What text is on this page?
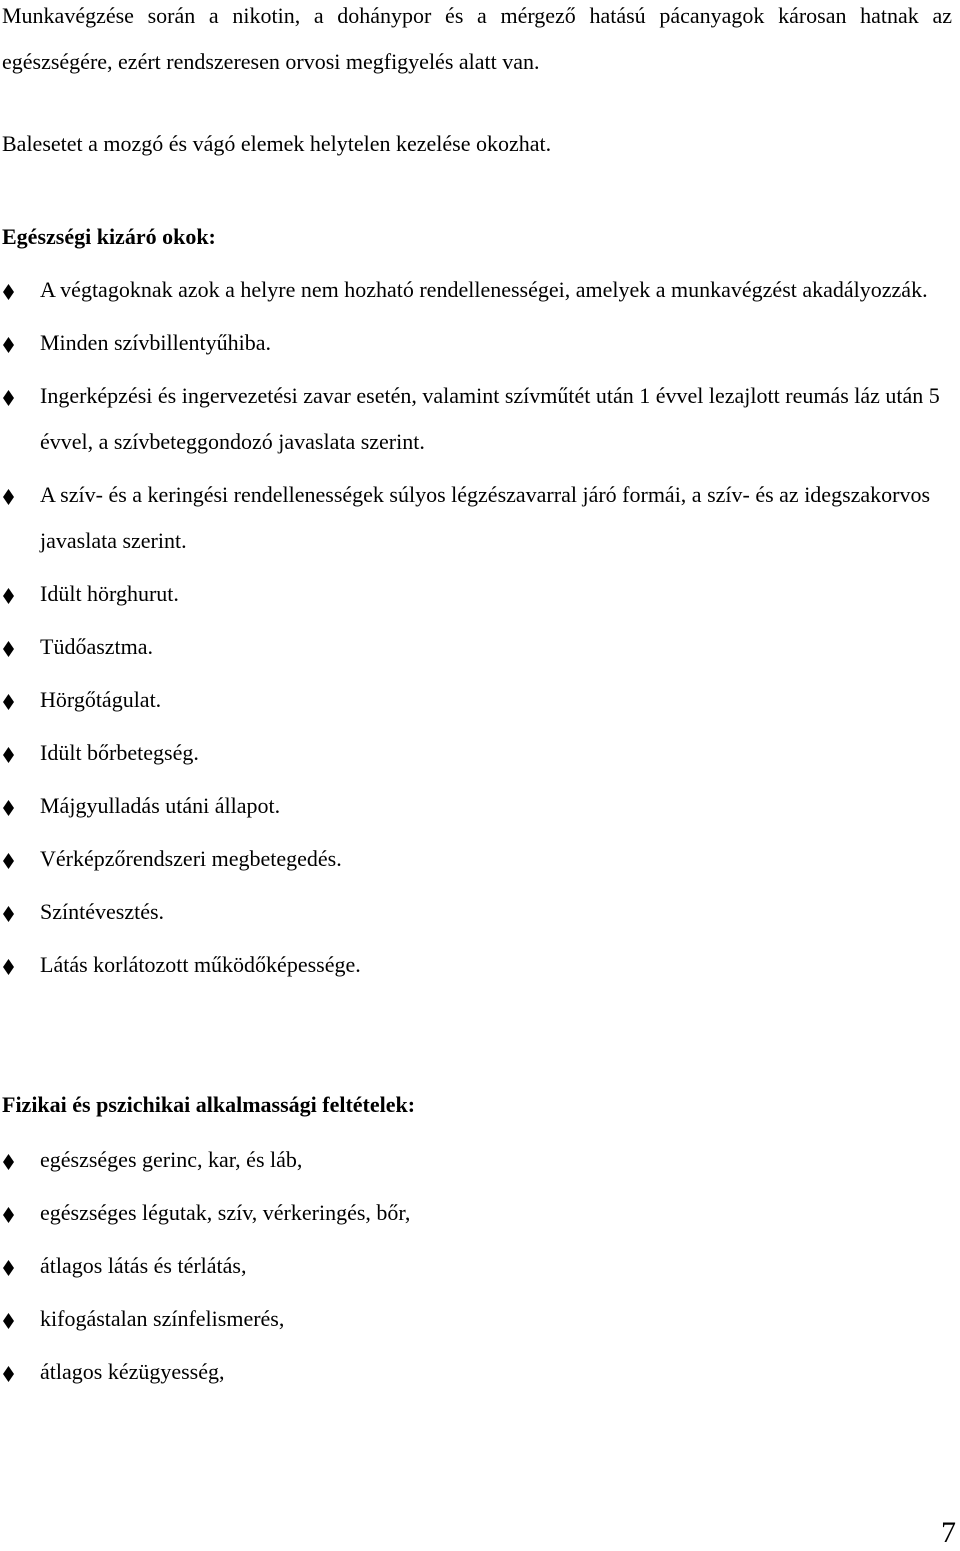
Munkavégzése során a nikotin, a dohánypor és a mérgező hatású pácanyagok károsan hatnak az egészségére, ezért rendszeresen orvosi megfigyelés alatt van.

Balesetet a mozgó és vágó elemek helytelen kezelése okozhat.

Egészségi kizáró okok:
A végtagoknak azok a helyre nem hozható rendellenességei, amelyek a munkavégzést akadályozzák.
Minden szívbillentyűhiba.
Ingerképzési és ingervezetési zavar esetén, valamint szívműtét után 1 évvel lezajlott reumás láz után 5 évvel, a szívbeteggondozó javaslata szerint.
A szív- és a keringési rendellenességek súlyos légzészavarral járó formái, a szív- és az idegszakorvos javaslata szerint.
Idült hörghurut.
Tüdőasztma.
Hörgőtágulat.
Idült bőrbetegség.
Májgyulladás utáni állapot.
Vérképzőrendszeri megbetegedés.
Színtévesztés.
Látás korlátozott működőképessége.
Fizikai és pszichikai alkalmassági feltételek:
egészséges gerinc, kar, és láb,
egészséges légutak, szív, vérkeringés, bőr,
átlagos látás és térlátás,
kifogástalan színfelismerés,
átlagos kézügyesség,
7
